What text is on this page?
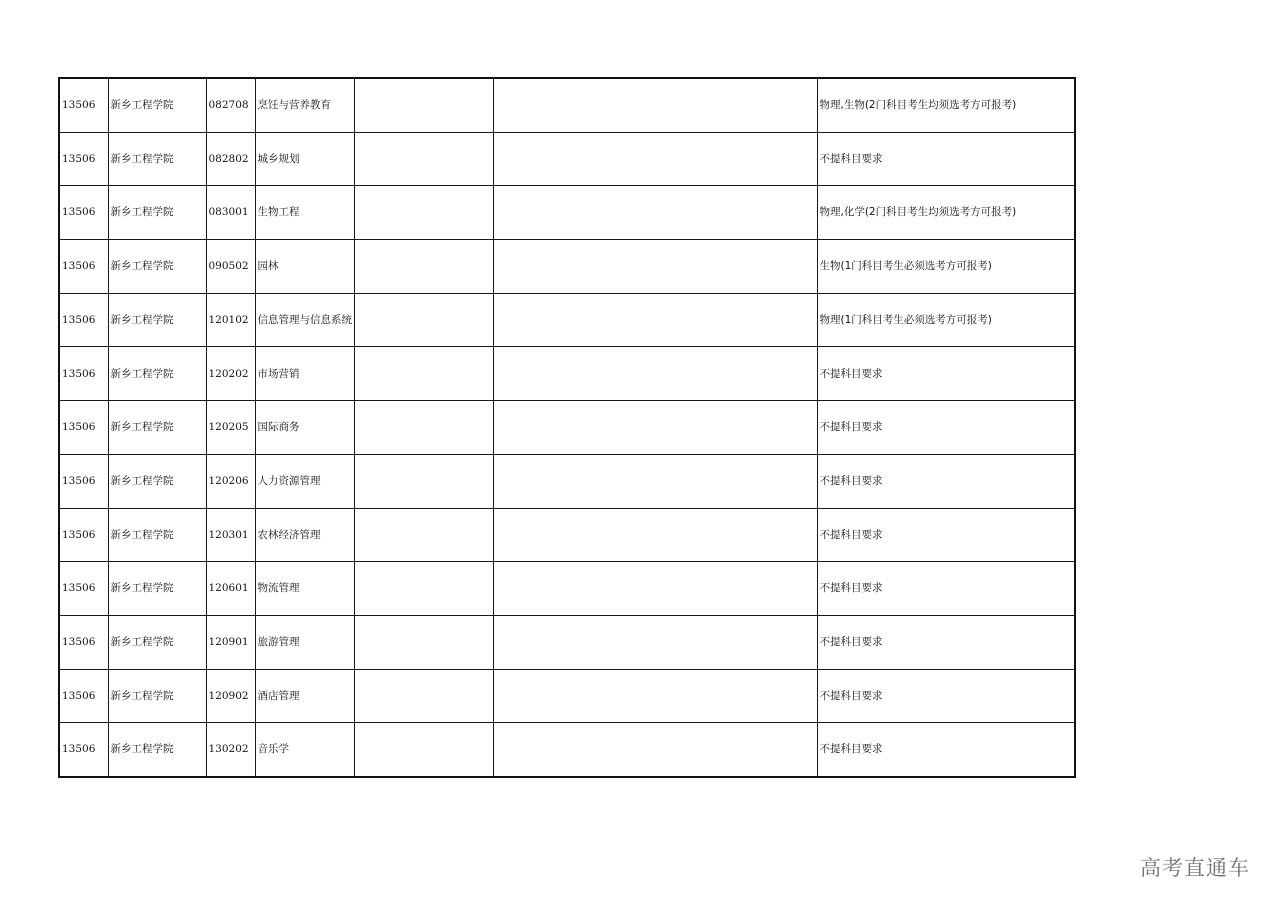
13506	新乡工程学院	082708	烹饪与营养教育			物理,生物(2门科目考生均须选考方可报考)
13506	新乡工程学院	082802	城乡规划			不提科目要求
13506	新乡工程学院	083001	生物工程			物理,化学(2门科目考生均须选考方可报考)
13506	新乡工程学院	090502	园林			生物(1门科目考生必须选考方可报考)
13506	新乡工程学院	120102	信息管理与信息系统			物理(1门科目考生必须选考方可报考)
13506	新乡工程学院	120202	市场营销			不提科目要求
13506	新乡工程学院	120205	国际商务			不提科目要求
13506	新乡工程学院	120206	人力资源管理			不提科目要求
13506	新乡工程学院	120301	农林经济管理			不提科目要求
13506	新乡工程学院	120601	物流管理			不提科目要求
13506	新乡工程学院	120901	旅游管理			不提科目要求
13506	新乡工程学院	120902	酒店管理			不提科目要求
13506	新乡工程学院	130202	音乐学			不提科目要求
高考直通车
